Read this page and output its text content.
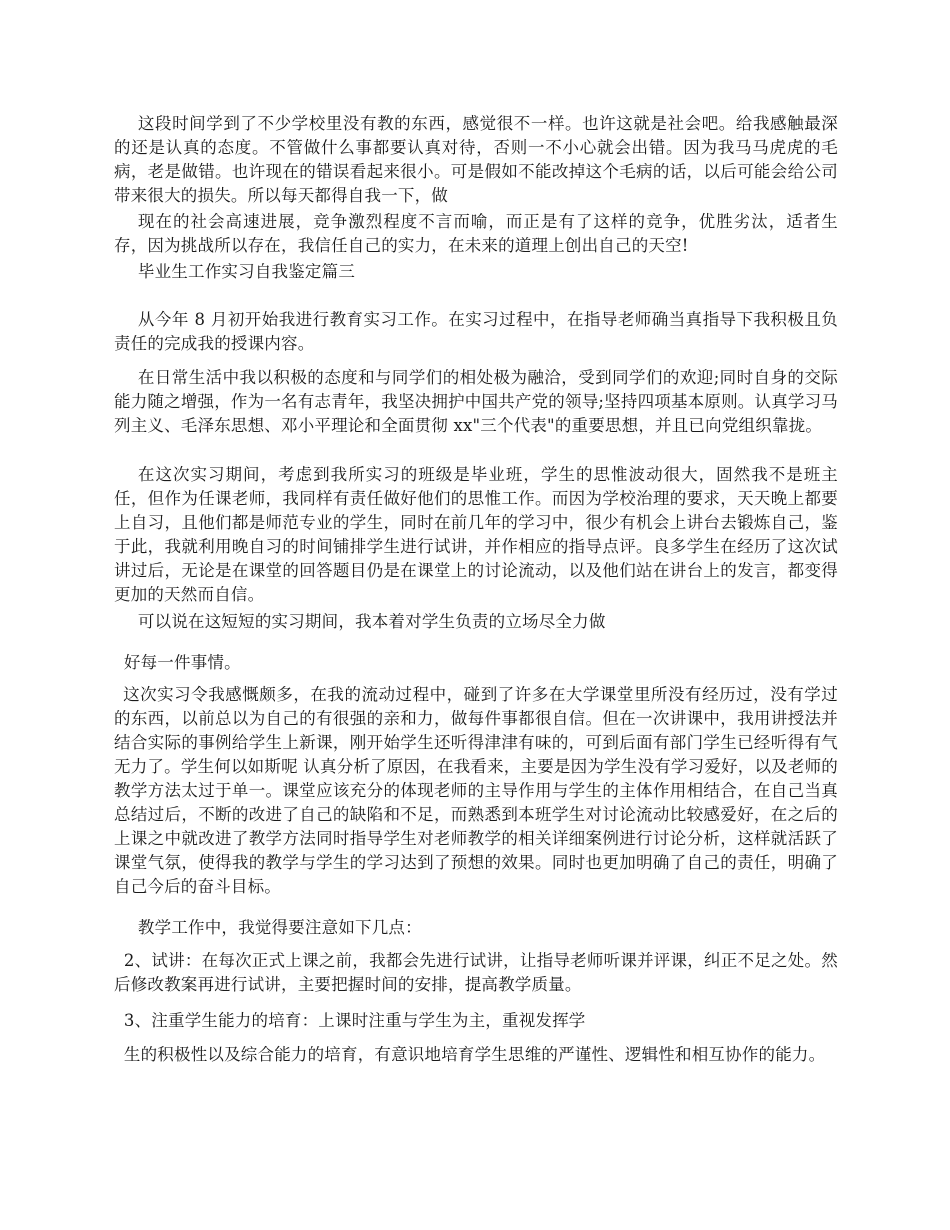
这段时间学到了不少学校里没有教的东西，感觉很不一样。也许这就是社会吧。给我感触最深的还是认真的态度。不管做什么事都要认真对待，否则一不小心就会出错。因为我马马虎虎的毛病，老是做错。也许现在的错误看起来很小。可是假如不能改掉这个毛病的话，以后可能会给公司带来很大的损失。所以每天都得自我一下，做

现在的社会高速进展，竞争激烈程度不言而喻，而正是有了这样的竞争，优胜劣汰，适者生存，因为挑战所以存在，我信任自己的实力，在未来的道理上创出自己的天空!

毕业生工作实习自我鉴定篇三

从今年 8 月初开始我进行教育实习工作。在实习过程中，在指导老师确当真指导下我积极且负责任的完成我的授课内容。

在日常生活中我以积极的态度和与同学们的相处极为融洽，受到同学们的欢迎;同时自身的交际能力随之增强，作为一名有志青年，我坚决拥护中国共产党的领导;坚持四项基本原则。认真学习马列主义、毛泽东思想、邓小平理论和全面贯彻 xx"三个代表"的重要思想，并且已向党组织靠拢。

在这次实习期间，考虑到我所实习的班级是毕业班，学生的思惟波动很大，固然我不是班主任，但作为任课老师，我同样有责任做好他们的思惟工作。而因为学校治理的要求，天天晚上都要上自习，且他们都是师范专业的学生，同时在前几年的学习中，很少有机会上讲台去锻炼自己，鉴于此，我就利用晚自习的时间铺排学生进行试讲，并作相应的指导点评。良多学生在经历了这次试讲过后，无论是在课堂的回答题目仍是在课堂上的讨论流动，以及他们站在讲台上的发言，都变得更加的天然而自信。

可以说在这短短的实习期间，我本着对学生负责的立场尽全力做

好每一件事情。

这次实习令我感慨颇多，在我的流动过程中，碰到了许多在大学课堂里所没有经历过，没有学过的东西，以前总以为自己的有很强的亲和力，做每件事都很自信。但在一次讲课中，我用讲授法并结合实际的事例给学生上新课，刚开始学生还听得津津有味的，可到后面有部门学生已经听得有气无力了。学生何以如斯呢 认真分析了原因，在我看来，主要是因为学生没有学习爱好，以及老师的教学方法太过于单一。课堂应该充分的体现老师的主导作用与学生的主体作用相结合，在自己当真总结过后，不断的改进了自己的缺陷和不足，而熟悉到本班学生对讨论流动比较感爱好，在之后的上课之中就改进了教学方法同时指导学生对老师教学的相关详细案例进行讨论分析，这样就活跃了课堂气氛，使得我的教学与学生的学习达到了预想的效果。同时也更加明确了自己的责任，明确了自己今后的奋斗目标。

教学工作中，我觉得要注意如下几点：

2、试讲：在每次正式上课之前，我都会先进行试讲，让指导老师听课并评课，纠正不足之处。然后修改教案再进行试讲，主要把握时间的安排，提高教学质量。

3、注重学生能力的培育：上课时注重与学生为主，重视发挥学

生的积极性以及综合能力的培育，有意识地培育学生思维的严谨性、逻辑性和相互协作的能力。
